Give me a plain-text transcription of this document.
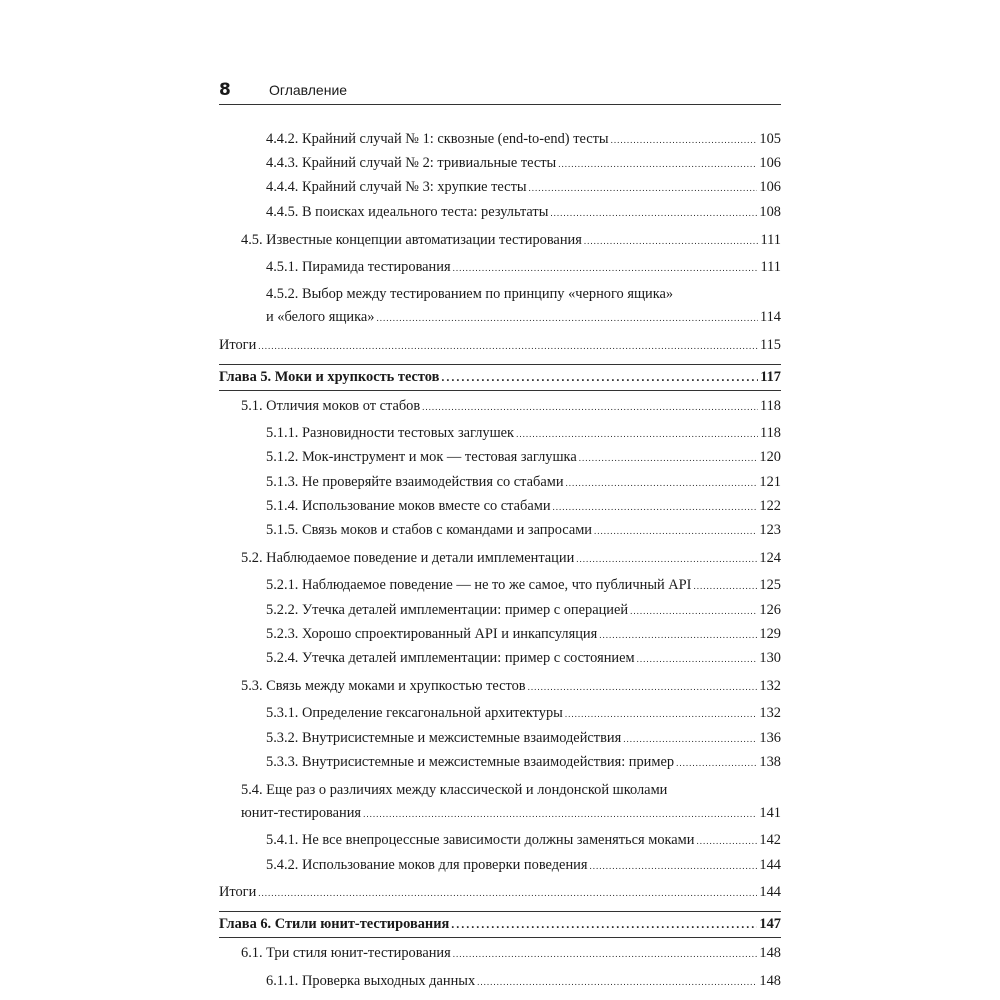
8	Оглавление
4.4.2. Крайний случай № 1: сквозные (end-to-end) тесты .....	105
4.4.3. Крайний случай № 2: тривиальные тесты .....	106
4.4.4. Крайний случай № 3: хрупкие тесты .....	106
4.4.5. В поисках идеального теста: результаты .....	108
4.5. Известные концепции автоматизации тестирования .....	111
4.5.1. Пирамида тестирования .....	111
4.5.2. Выбор между тестированием по принципу «черного ящика»
и «белого ящика» .....	114
Итоги .....	115
Глава 5. Моки и хрупкость тестов .....	117
5.1. Отличия моков от стабов .....	118
5.1.1. Разновидности тестовых заглушек .....	118
5.1.2. Мок-инструмент и мок — тестовая заглушка .....	120
5.1.3. Не проверяйте взаимодействия со стабами .....	121
5.1.4. Использование моков вместе со стабами .....	122
5.1.5. Связь моков и стабов с командами и запросами .....	123
5.2. Наблюдаемое поведение и детали имплементации .....	124
5.2.1. Наблюдаемое поведение — не то же самое, что публичный API .....	125
5.2.2. Утечка деталей имплементации: пример с операцией .....	126
5.2.3. Хорошо спроектированный API и инкапсуляция .....	129
5.2.4. Утечка деталей имплементации: пример с состоянием .....	130
5.3. Связь между моками и хрупкостью тестов .....	132
5.3.1. Определение гексагональной архитектуры .....	132
5.3.2. Внутрисистемные и межсистемные взаимодействия .....	136
5.3.3. Внутрисистемные и межсистемные взаимодействия: пример .....	138
5.4. Еще раз о различиях между классической и лондонской школами
юнит-тестирования .....	141
5.4.1. Не все внепроцессные зависимости должны заменяться моками .....	142
5.4.2. Использование моков для проверки поведения .....	144
Итоги .....	144
Глава 6. Стили юнит-тестирования .....	147
6.1. Три стиля юнит-тестирования .....	148
6.1.1. Проверка выходных данных .....	148
